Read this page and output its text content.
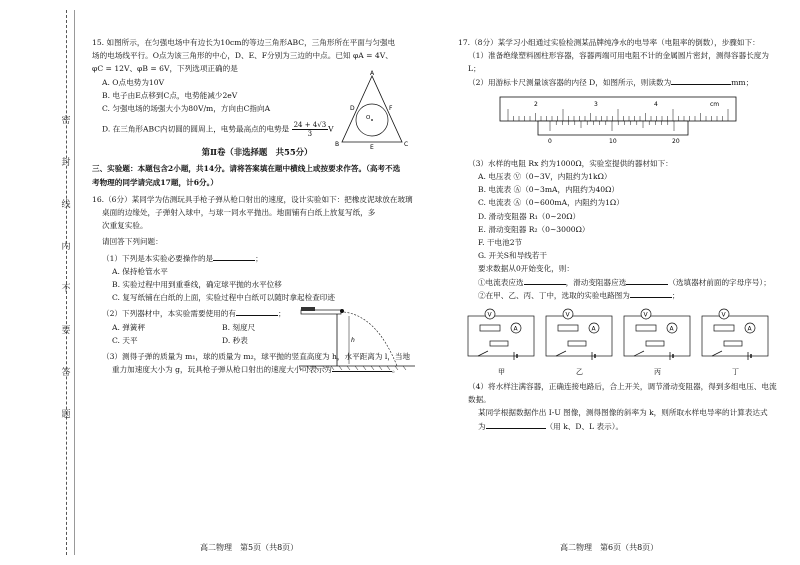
密
封
线
内
不
要
答
题

15. 如图所示，在匀强电场中有边长为10cm的等边三角形ABC，三角形所在平面与匀强电

场的电场线平行。O点为该三角形的中心，D、E、F分别为三边的中点。已知 φA = 4V、

φC = 12V、φB = 6V，下列选项正确的是

A. O点电势为10V

B. 电子由E点移到C点，电势能减少2eV

C. 匀强电场的场强大小为80V/m，方向由C指向A

D. 在三角形ABC内切圆的圆周上，电势最高点的电势是 $\frac{24 + 4√3}{3}$ V

A
B	C
D
E
F
O

第Ⅱ卷（非选择题　共55分）

三、实验题：本题包含2小题，共14分。请将答案填在题中横线上或按要求作答。（高考不选

考物理的同学请完成17题，计6分。）

16.（6分）某同学为估测玩具手枪子弹从枪口射出的速度，设计实验如下：把橡皮泥球放在玻璃

桌面的边缘处，子弹射入球中，与球一同水平抛出。地面铺有白纸上放复写纸，多

次重复实验。

请回答下列问题：

（1）下列是本实验必要操作的是	；

A. 保持枪管水平

B. 实验过程中用到重垂线，确定球平抛的水平位移

C. 复写纸铺在白纸的上面，实验过程中白纸可以随时拿起检查印迹

（2）下列器材中，本实验需要使用的有	；

A. 弹簧秤	B. 刻度尺

C. 天平	D. 秒表

（3）测得子弹的质量为 m₁，球的质量为 m₂，球平抛的竖直高度为 h，水平距离为 l，当地

重力加速度大小为 g，玩具枪子弹从枪口射出的速度大小可表示为	。

h
高二物理　第5页（共8页）

17.（8分）某学习小组通过实验检测某品牌纯净水的电导率（电阻率的倒数），步骤如下：

（1）准备绝缘塑料圆柱形容器，容器两端可用电阻不计的金属圆片密封，测得容器长度为 L；

（2）用游标卡尺测量该容器的内径 D，如图所示，则读数为	mm；

2	3	4	cm
0	10	20

（3）水样的电阻 Rx 约为1000Ω，实验室提供的器材如下：

A. 电压表 Ⓥ（0~3V，内阻约为1kΩ）

B. 电流表 Ⓐ（0~3mA，内阻约为40Ω）

C. 电流表 Ⓐ（0~600mA，内阻约为1Ω）

D. 滑动变阻器 R₁（0~20Ω）

E. 滑动变阻器 R₂（0~3000Ω）

F. 干电池2节

G. 开关S和导线若干

要求数据从0开始变化，则：

①电流表应选	，滑动变阻器应选	（选填器材前面的字母序号）；

②在甲、乙、丙、丁中，选取的实验电路图为	；

V
A
甲
V
A
乙
V
A
丙
V
A
丁

（4）将水样注满容器，正确连接电路后，合上开关，调节滑动变阻器，得到多组电压、电流数据。

某同学根据数据作出 I-U 图像，测得图像的斜率为 k，则所取水样电导率的计算表达式

为	（用 k、D、L 表示）。

高二物理　第6页（共8页）
